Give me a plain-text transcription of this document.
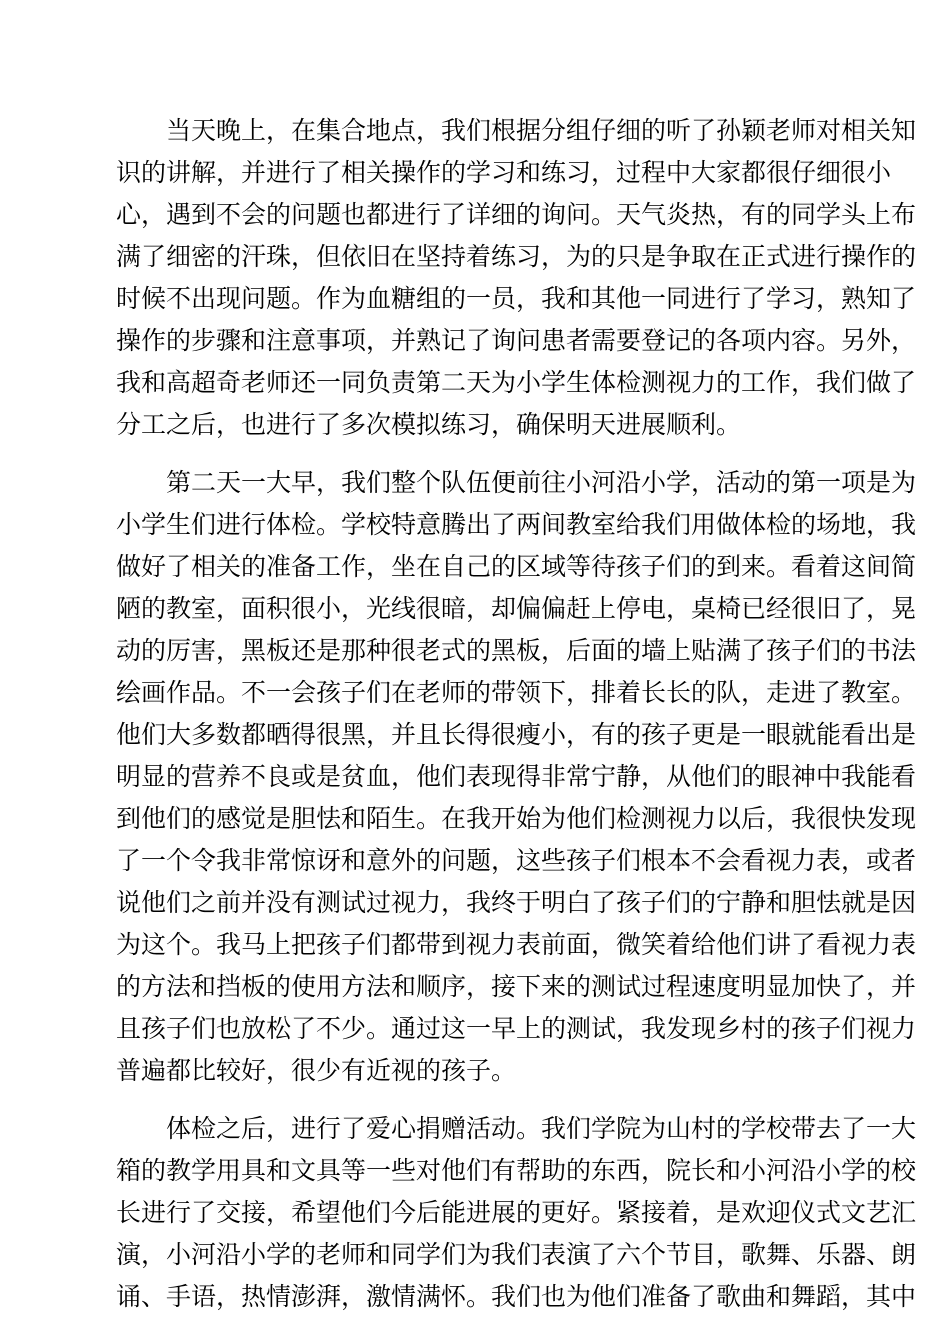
当天晚上，在集合地点，我们根据分组仔细的听了孙颖老师对相关知
识的讲解，并进行了相关操作的学习和练习，过程中大家都很仔细很小
心，遇到不会的问题也都进行了详细的询问。天气炎热，有的同学头上布
满了细密的汗珠，但依旧在坚持着练习，为的只是争取在正式进行操作的
时候不出现问题。作为血糖组的一员，我和其他一同进行了学习，熟知了
操作的步骤和注意事项，并熟记了询问患者需要登记的各项内容。另外，
我和高超奇老师还一同负责第二天为小学生体检测视力的工作，我们做了
分工之后，也进行了多次模拟练习，确保明天进展顺利。

第二天一大早，我们整个队伍便前往小河沿小学，活动的第一项是为
小学生们进行体检。学校特意腾出了两间教室给我们用做体检的场地，我
做好了相关的准备工作，坐在自己的区域等待孩子们的到来。看着这间简
陋的教室，面积很小，光线很暗，却偏偏赶上停电，桌椅已经很旧了，晃
动的厉害，黑板还是那种很老式的黑板，后面的墙上贴满了孩子们的书法
绘画作品。不一会孩子们在老师的带领下，排着长长的队，走进了教室。
他们大多数都晒得很黑，并且长得很瘦小，有的孩子更是一眼就能看出是
明显的营养不良或是贫血，他们表现得非常宁静，从他们的眼神中我能看
到他们的感觉是胆怯和陌生。在我开始为他们检测视力以后，我很快发现
了一个令我非常惊讶和意外的问题，这些孩子们根本不会看视力表，或者
说他们之前并没有测试过视力，我终于明白了孩子们的宁静和胆怯就是因
为这个。我马上把孩子们都带到视力表前面，微笑着给他们讲了看视力表
的方法和挡板的使用方法和顺序，接下来的测试过程速度明显加快了，并
且孩子们也放松了不少。通过这一早上的测试，我发现乡村的孩子们视力
普遍都比较好，很少有近视的孩子。

体检之后，进行了爱心捐赠活动。我们学院为山村的学校带去了一大
箱的教学用具和文具等一些对他们有帮助的东西，院长和小河沿小学的校
长进行了交接，希望他们今后能进展的更好。紧接着，是欢迎仪式文艺汇
演，小河沿小学的老师和同学们为我们表演了六个节目，歌舞、乐器、朗
诵、手语，热情澎湃，激情满怀。我们也为他们准备了歌曲和舞蹈，其中
